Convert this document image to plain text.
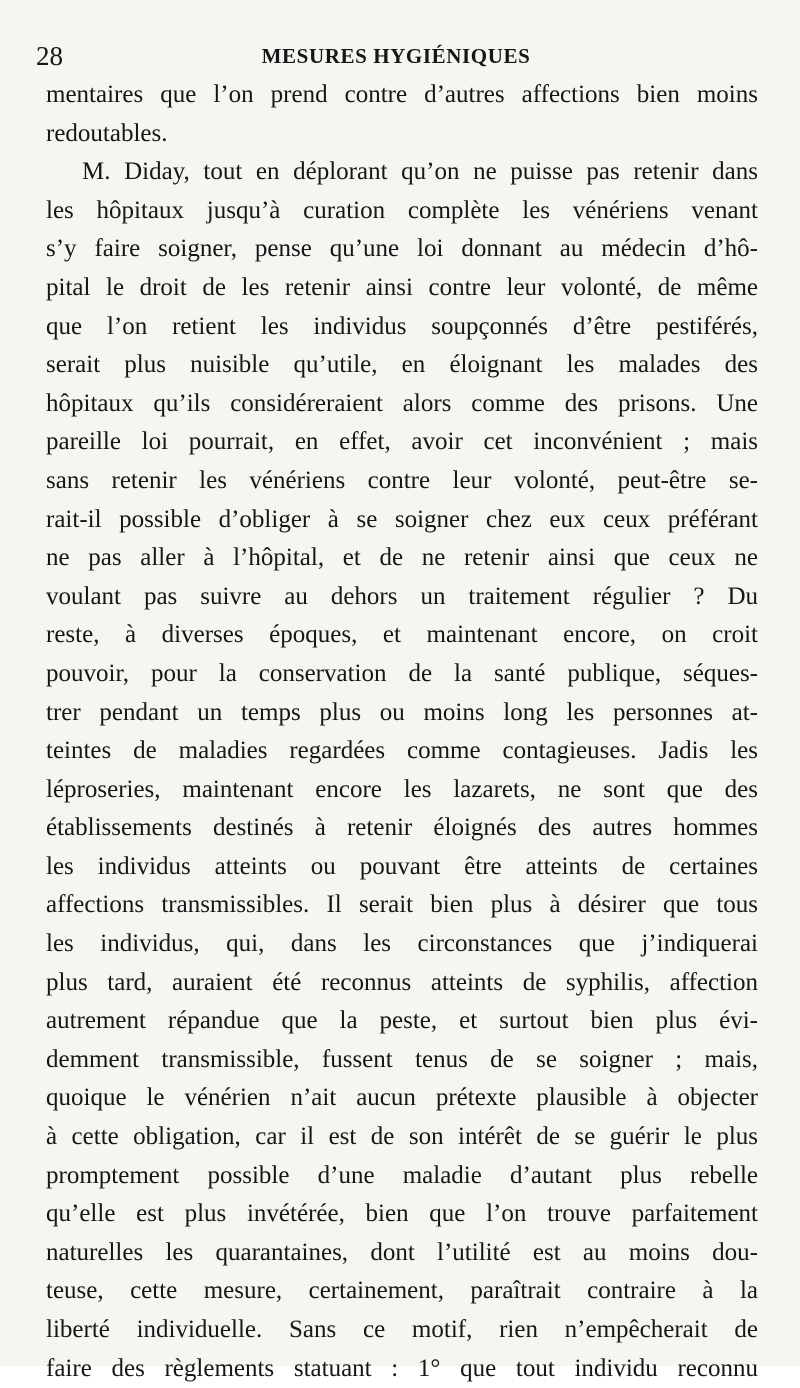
28	MESURES HYGIÉNIQUES
mentaires que l’on prend contre d’autres affections bien moins
redoutables.
M. Diday, tout en déplorant qu’on ne puisse pas retenir dans
les hôpitaux jusqu’à curation complète les vénériens venant
s’y faire soigner, pense qu’une loi donnant au médecin d’hô-
pital le droit de les retenir ainsi contre leur volonté, de même
que l’on retient les individus soupçonnés d’être pestiférés,
serait plus nuisible qu’utile, en éloignant les malades des
hôpitaux qu’ils considéreraient alors comme des prisons. Une
pareille loi pourrait, en effet, avoir cet inconvénient ; mais
sans retenir les vénériens contre leur volonté, peut-être se-
rait-il possible d’obliger à se soigner chez eux ceux préférant
ne pas aller à l’hôpital, et de ne retenir ainsi que ceux ne
voulant pas suivre au dehors un traitement régulier ? Du
reste, à diverses époques, et maintenant encore, on croit
pouvoir, pour la conservation de la santé publique, séques-
trer pendant un temps plus ou moins long les personnes at-
teintes de maladies regardées comme contagieuses. Jadis les
léproseries, maintenant encore les lazarets, ne sont que des
établissements destinés à retenir éloignés des autres hommes
les individus atteints ou pouvant être atteints de certaines
affections transmissibles. Il serait bien plus à désirer que tous
les individus, qui, dans les circonstances que j’indiquerai
plus tard, auraient été reconnus atteints de syphilis, affection
autrement répandue que la peste, et surtout bien plus évi-
demment transmissible, fussent tenus de se soigner ; mais,
quoique le vénérien n’ait aucun prétexte plausible à objecter
à cette obligation, car il est de son intérêt de se guérir le plus
promptement possible d’une maladie d’autant plus rebelle
qu’elle est plus invétérée, bien que l’on trouve parfaitement
naturelles les quarantaines, dont l’utilité est au moins dou-
teuse, cette mesure, certainement, paraîtrait contraire à la
liberté individuelle. Sans ce motif, rien n’empêcherait de
faire des règlements statuant : 1° que tout individu reconnu
